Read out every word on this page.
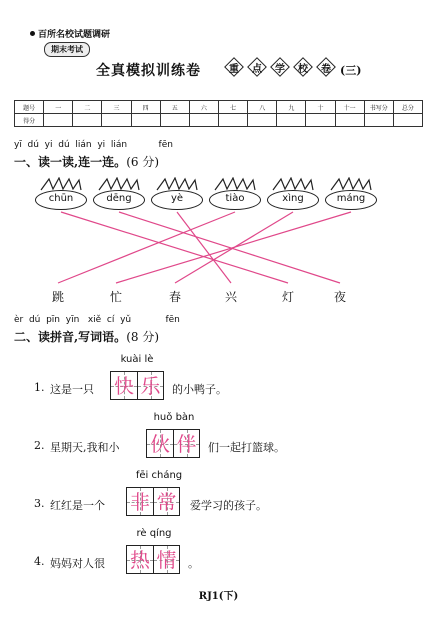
百所名校试题调研
期末考试
全真模拟训练卷	重	点	学	校	卷 (三)
题号	一	二	三	四	五	六	七	八	九	十	十一	书写分	总分
得分													
yī  dú  yi  dú  lián  yi  lián           fēn
一、读一读,连一连。(6 分)
chūn	dēng	yè	tiào	xìng	máng
跳	忙	春	兴	灯	夜
èr  dú  pīn  yīn   xiě  cí  yǔ            fēn
二、读拼音,写词语。(8 分)
kuài lè
1. 这是一只 快 乐 的小鸭子。
huǒ bàn
2. 星期天,我和小 伙 伴 们一起打篮球。
fēi cháng
3. 红红是一个 非 常 爱学习的孩子。
rè qíng
4. 妈妈对人很 热 情 。
RJ1(下)
